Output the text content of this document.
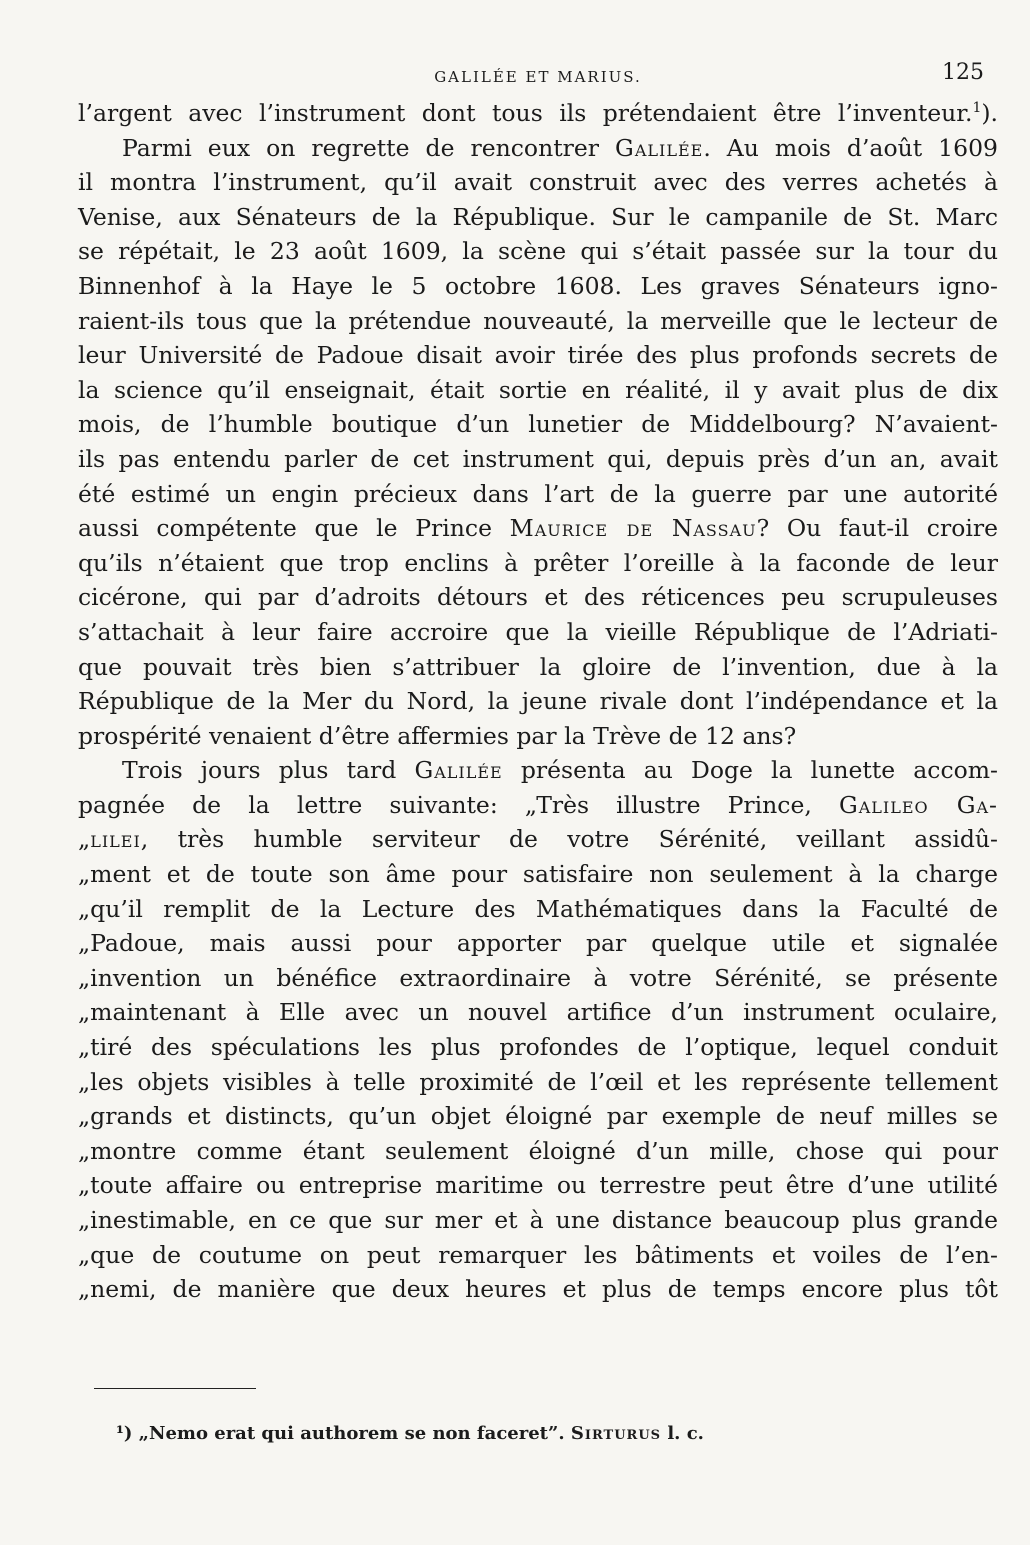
GALILÉE ET MARIUS.	125
l’argent avec l’instrument dont tous ils prétendaient être l’inventeur.$^1$).
Parmi eux on regrette de rencontrer Galilée. Au mois d’août 1609
il montra l’instrument, qu’il avait construit avec des verres achetés à
Venise, aux Sénateurs de la République. Sur le campanile de St. Marc
se répétait, le 23 août 1609, la scène qui s’était passée sur la tour du
Binnenhof à la Haye le 5 octobre 1608. Les graves Sénateurs igno-
raient-ils tous que la prétendue nouveauté, la merveille que le lecteur de
leur Université de Padoue disait avoir tirée des plus profonds secrets de
la science qu’il enseignait, était sortie en réalité, il y avait plus de dix
mois, de l’humble boutique d’un lunetier de Middelbourg? N’avaient-
ils pas entendu parler de cet instrument qui, depuis près d’un an, avait
été estimé un engin précieux dans l’art de la guerre par une autorité
aussi compétente que le Prince Maurice de Nassau? Ou faut-il croire
qu’ils n’étaient que trop enclins à prêter l’oreille à la faconde de leur
cicérone, qui par d’adroits détours et des réticences peu scrupuleuses
s’attachait à leur faire accroire que la vieille République de l’Adriati-
que pouvait très bien s’attribuer la gloire de l’invention, due à la
République de la Mer du Nord, la jeune rivale dont l’indépendance et la
prospérité venaient d’être affermies par la Trève de 12 ans?
Trois jours plus tard Galilée présenta au Doge la lunette accom-
pagnée de la lettre suivante: „Très illustre Prince, Galileo Ga-
„lilei, très humble serviteur de votre Sérénité, veillant assidû-
„ment et de toute son âme pour satisfaire non seulement à la charge
„qu’il remplit de la Lecture des Mathématiques dans la Faculté de
„Padoue, mais aussi pour apporter par quelque utile et signalée
„invention un bénéfice extraordinaire à votre Sérénité, se présente
„maintenant à Elle avec un nouvel artifice d’un instrument oculaire,
„tiré des spéculations les plus profondes de l’optique, lequel conduit
„les objets visibles à telle proximité de l’œil et les représente tellement
„grands et distincts, qu’un objet éloigné par exemple de neuf milles se
„montre comme étant seulement éloigné d’un mille, chose qui pour
„toute affaire ou entreprise maritime ou terrestre peut être d’une utilité
„inestimable, en ce que sur mer et à une distance beaucoup plus grande
„que de coutume on peut remarquer les bâtiments et voiles de l’en-
„nemi, de manière que deux heures et plus de temps encore plus tôt
¹) „Nemo erat qui authorem se non faceret”. Sirturus l. c.
